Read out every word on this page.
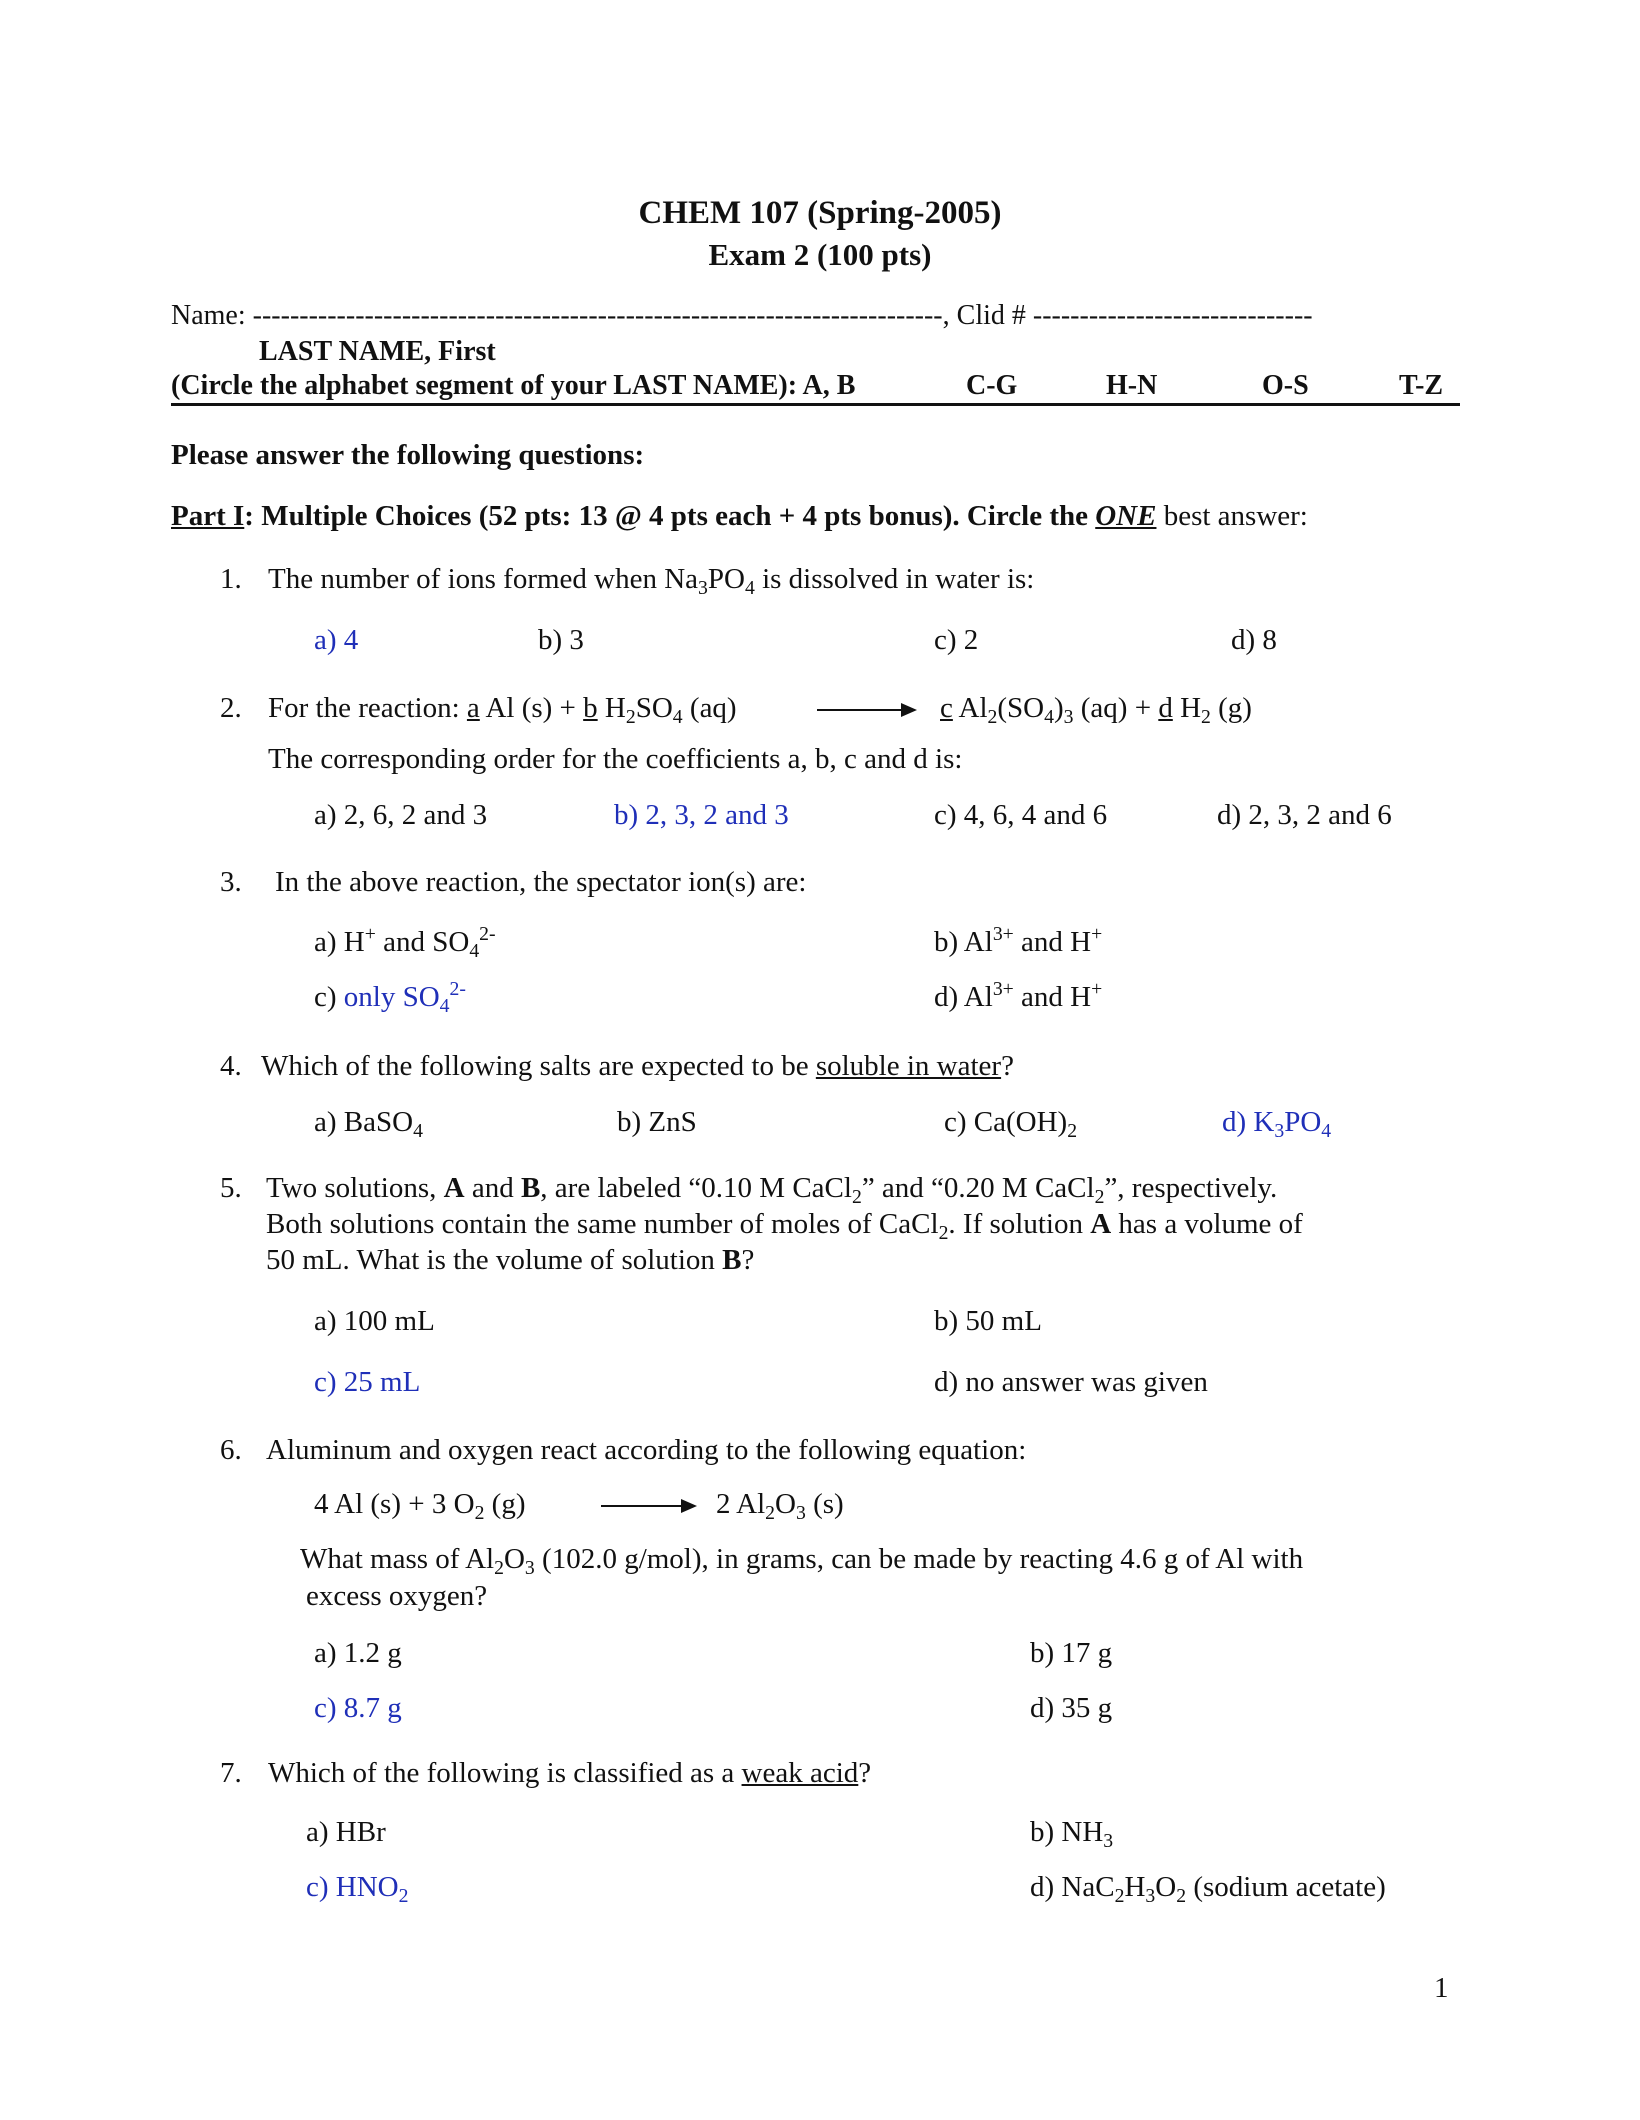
CHEM 107 (Spring-2005)
Exam 2 (100 pts)
Name: --------------------------------------------------------------------------, Clid # ------------------------------
LAST NAME, First
(Circle the alphabet segment of your LAST NAME): A, B	C-G	H-N	O-S	T-Z
Please answer the following questions:
Part I: Multiple Choices (52 pts: 13 @ 4 pts each + 4 pts bonus). Circle the ONE best answer:
1. The number of ions formed when $Na_3PO_4$ is dissolved in water is:
a) 4	b) 3	c) 2	d) 8
2. For the reaction: a Al (s) + b $H_2SO_4$ (aq)	c $Al_2(SO_4)_3$ (aq) + d $H_2$ (g)
The corresponding order for the coefficients a, b, c and d is:
a) 2, 6, 2 and 3	b) 2, 3, 2 and 3	c) 4, 6, 4 and 6	d) 2, 3, 2 and 6
3. In the above reaction, the spectator ion(s) are:
a) H+ and $SO_4^{2-}$	b) $Al^{3+}$ and H+
c) only $SO_4^{2-}$	d) $Al^{3+}$ and H+
4. Which of the following salts are expected to be soluble in water?
a) BaSO$_4$	b) ZnS	c) $Ca(OH)_2$	d) $K_3PO_4$
5. Two solutions, A and B, are labeled “0.10 M CaCl$_2$” and “0.20 M CaCl$_2$”, respectively.
Both solutions contain the same number of moles of CaCl$_2$. If solution A has a volume of
50 mL. What is the volume of solution B?
a) 100 mL	b) 50 mL
c) 25 mL	d) no answer was given
6. Aluminum and oxygen react according to the following equation:
4 Al (s) + 3 $O_2$ (g)	2 $Al_2O_3$ (s)
What mass of $Al_2O_3$ (102.0 g/mol), in grams, can be made by reacting 4.6 g of Al with
excess oxygen?
a) 1.2 g	b) 17 g
c) 8.7 g	d) 35 g
7. Which of the following is classified as a weak acid?
a) HBr	b) $NH_3$
c) $HNO_2$	d) $NaC_2H_3O_2$ (sodium acetate)
1
